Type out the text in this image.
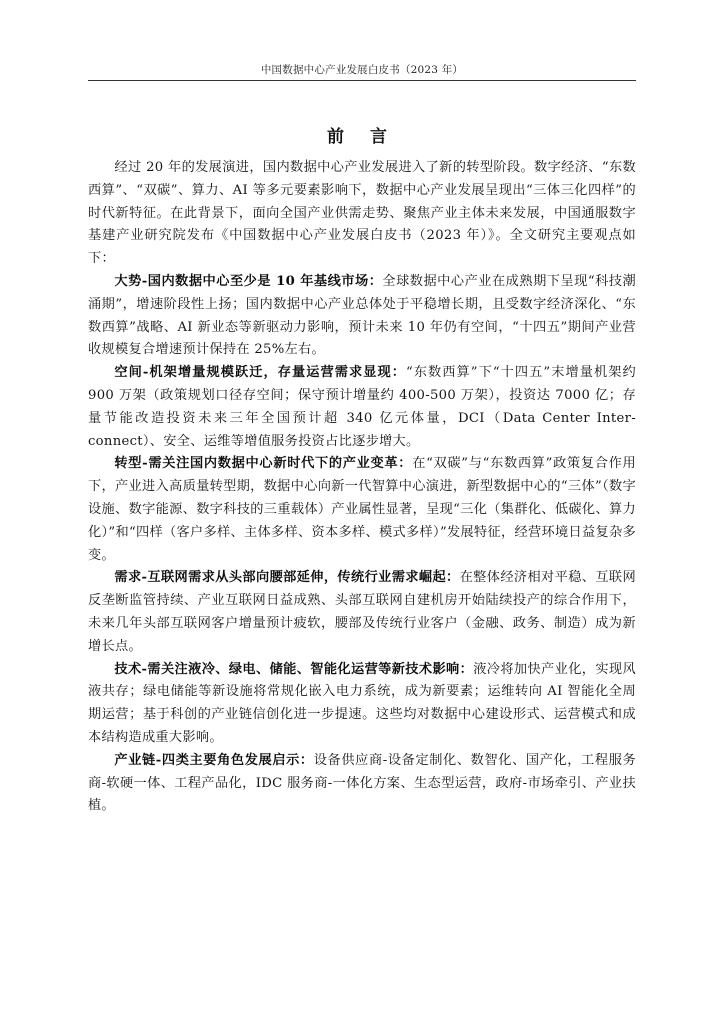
中国数据中心产业发展白皮书（2023 年）
前 言

经过 20 年的发展演进，国内数据中心产业发展进入了新的转型阶段。数字经济、“东数西算”、“双碳”、算力、AI 等多元要素影响下，数据中心产业发展呈现出“三体三化四样”的时代新特征。在此背景下，面向全国产业供需走势、聚焦产业主体未来发展，中国通服数字基建产业研究院发布《中国数据中心产业发展白皮书（2023 年）》。全文研究主要观点如下：

大势-国内数据中心至少是 10 年基线市场：全球数据中心产业在成熟期下呈现“科技潮涌期”，增速阶段性上扬；国内数据中心产业总体处于平稳增长期，且受数字经济深化、“东数西算”战略、AI 新业态等新驱动力影响，预计未来 10 年仍有空间，“十四五”期间产业营收规模复合增速预计保持在 25%左右。

空间-机架增量规模跃迁，存量运营需求显现：“东数西算”下“十四五”末增量机架约 900 万架（政策规划口径存空间；保守预计增量约 400-500 万架），投资达 7000 亿；存量节能改造投资未来三年全国预计超 340 亿元体量，DCI（Data Center Inter-connect）、安全、运维等增值服务投资占比逐步增大。

转型-需关注国内数据中心新时代下的产业变革：在“双碳”与“东数西算”政策复合作用下，产业进入高质量转型期，数据中心向新一代智算中心演进，新型数据中心的“三体”（数字设施、数字能源、数字科技的三重载体）产业属性显著，呈现“三化（集群化、低碳化、算力化）”和“四样（客户多样、主体多样、资本多样、模式多样）”发展特征，经营环境日益复杂多变。

需求-互联网需求从头部向腰部延伸，传统行业需求崛起：在整体经济相对平稳、互联网反垄断监管持续、产业互联网日益成熟、头部互联网自建机房开始陆续投产的综合作用下，未来几年头部互联网客户增量预计疲软，腰部及传统行业客户（金融、政务、制造）成为新增长点。

技术-需关注液冷、绿电、储能、智能化运营等新技术影响：液冷将加快产业化，实现风液共存；绿电储能等新设施将常规化嵌入电力系统，成为新要素；运维转向 AI 智能化全周期运营；基于科创的产业链信创化进一步提速。这些均对数据中心建设形式、运营模式和成本结构造成重大影响。

产业链-四类主要角色发展启示：设备供应商-设备定制化、数智化、国产化，工程服务商-软硬一体、工程产品化，IDC 服务商-一体化方案、生态型运营，政府-市场牵引、产业扶植。
